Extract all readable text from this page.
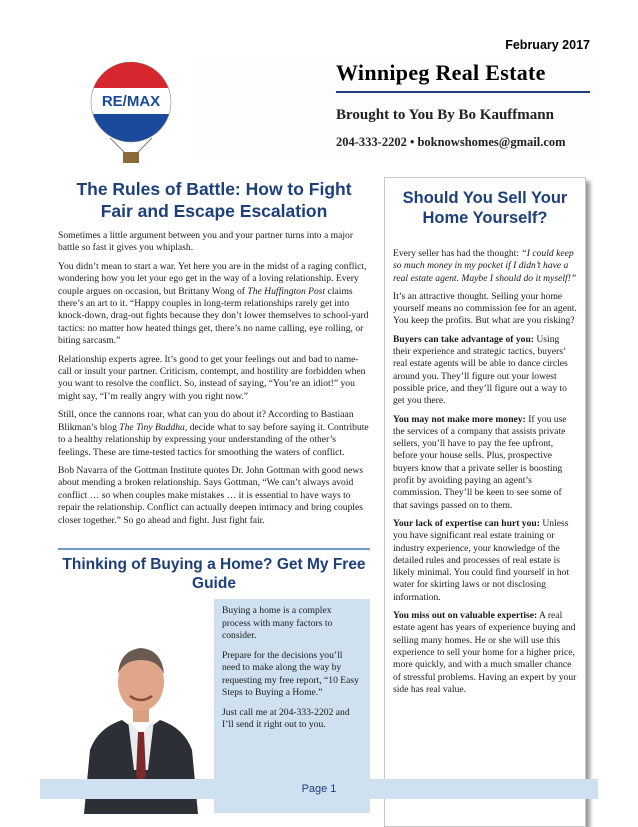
February 2017
RE/MAX
Winnipeg Real Estate
Brought to You By Bo Kauffmann
204-333-2202 • boknowshomes@gmail.com
The Rules of Battle: How to Fight Fair and Escape Escalation

Sometimes a little argument between you and your partner turns into a major battle so fast it gives you whiplash.

You didn’t mean to start a war. Yet here you are in the midst of a raging conflict, wondering how you let your ego get in the way of a loving relationship. Every couple argues on occasion, but Brittany Wong of The Huffington Post claims there’s an art to it. “Happy couples in long-term relationships rarely get into knock-down, drag-out fights because they don’t lower themselves to school-yard tactics: no matter how heated things get, there’s no name calling, eye rolling, or biting sarcasm.”

Relationship experts agree. It’s good to get your feelings out and bad to name-call or insult your partner. Criticism, contempt, and hostility are forbidden when you want to resolve the conflict. So, instead of saying, “You’re an idiot!” you might say, “I’m really angry with you right now.”

Still, once the cannons roar, what can you do about it? According to Bastiaan Blikman’s blog The Tiny Buddha, decide what to say before saying it. Contribute to a healthy relationship by expressing your understanding of the other’s feelings. These are time-tested tactics for smoothing the waters of conflict.

Bob Navarra of the Gottman Institute quotes Dr. John Gottman with good news about mending a broken relationship. Says Gottman, “We can’t always avoid conflict … so when couples make mistakes … it is essential to have ways to repair the relationship. Conflict can actually deepen intimacy and bring couples closer together.” So go ahead and fight. Just fight fair.

Thinking of Buying a Home? Get My Free Guide

Buying a home is a complex process with many factors to consider.

Prepare for the decisions you’ll need to make along the way by requesting my free report, “10 Easy Steps to Buying a Home.”

Just call me at 204-333-2202 and I’ll send it right out to you.

Should You Sell Your Home Yourself?

Every seller has had the thought: “I could keep so much money in my pocket if I didn’t have a real estate agent. Maybe I should do it myself!”

It’s an attractive thought. Selling your home yourself means no commission fee for an agent. You keep the profits. But what are you risking?

Buyers can take advantage of you: Using their experience and strategic tactics, buyers’ real estate agents will be able to dance circles around you. They’ll figure out your lowest possible price, and they’ll figure out a way to get you there.

You may not make more money: If you use the services of a company that assists private sellers, you’ll have to pay the fee upfront, before your house sells. Plus, prospective buyers know that a private seller is boosting profit by avoiding paying an agent’s commission. They’ll be keen to see some of that savings passed on to them.

Your lack of expertise can hurt you: Unless you have significant real estate training or industry experience, your knowledge of the detailed rules and processes of real estate is likely minimal. You could find yourself in hot water for skirting laws or not disclosing information.

You miss out on valuable expertise: A real estate agent has years of experience buying and selling many homes. He or she will use this experience to sell your home for a higher price, more quickly, and with a much smaller chance of stressful problems. Having an expert by your side has real value.

Page 1
